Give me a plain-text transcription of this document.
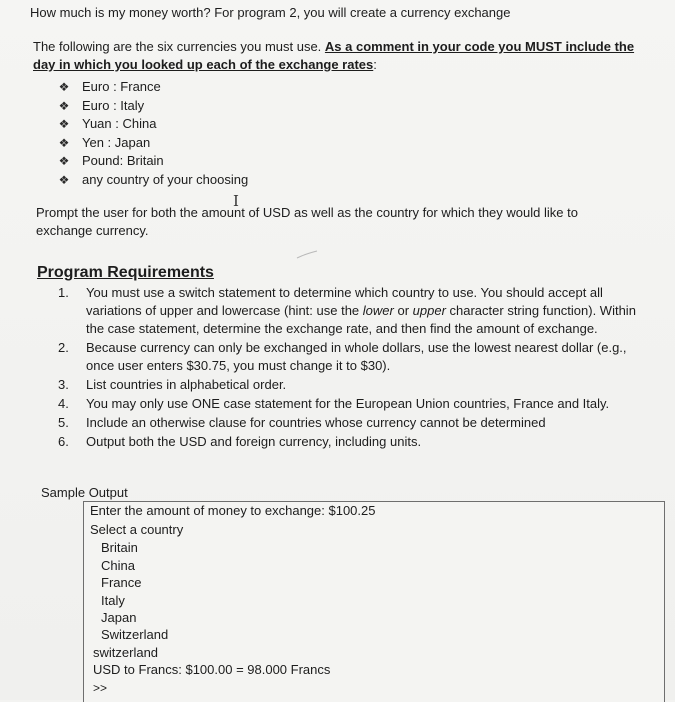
How much is my money worth? For program 2, you will create a currency exchange
The following are the six currencies you must use. As a comment in your code you MUST include the day in which you looked up each of the exchange rates:
❖ Euro : France
❖ Euro : Italy
❖ Yuan : China
❖ Yen : Japan
❖ Pound: Britain
❖ any country of your choosing
I
Prompt the user for both the amount of USD as well as the country for which they would like to exchange currency.
Program Requirements
1.	You must use a switch statement to determine which country to use. You should accept all variations of upper and lowercase (hint: use the lower or upper character string function). Within the case statement, determine the exchange rate, and then find the amount of exchange.
2.	Because currency can only be exchanged in whole dollars, use the lowest nearest dollar (e.g., once user enters $30.75, you must change it to $30).
3.	List countries in alphabetical order.
4.	You may only use ONE case statement for the European Union countries, France and Italy.
5.	Include an otherwise clause for countries whose currency cannot be determined
6.	Output both the USD and foreign currency, including units.
Sample Output
Enter the amount of money to exchange: $100.25
Select a country
Britain
China
France
Italy
Japan
Switzerland
switzerland
USD to Francs: $100.00 = 98.000 Francs
>>
